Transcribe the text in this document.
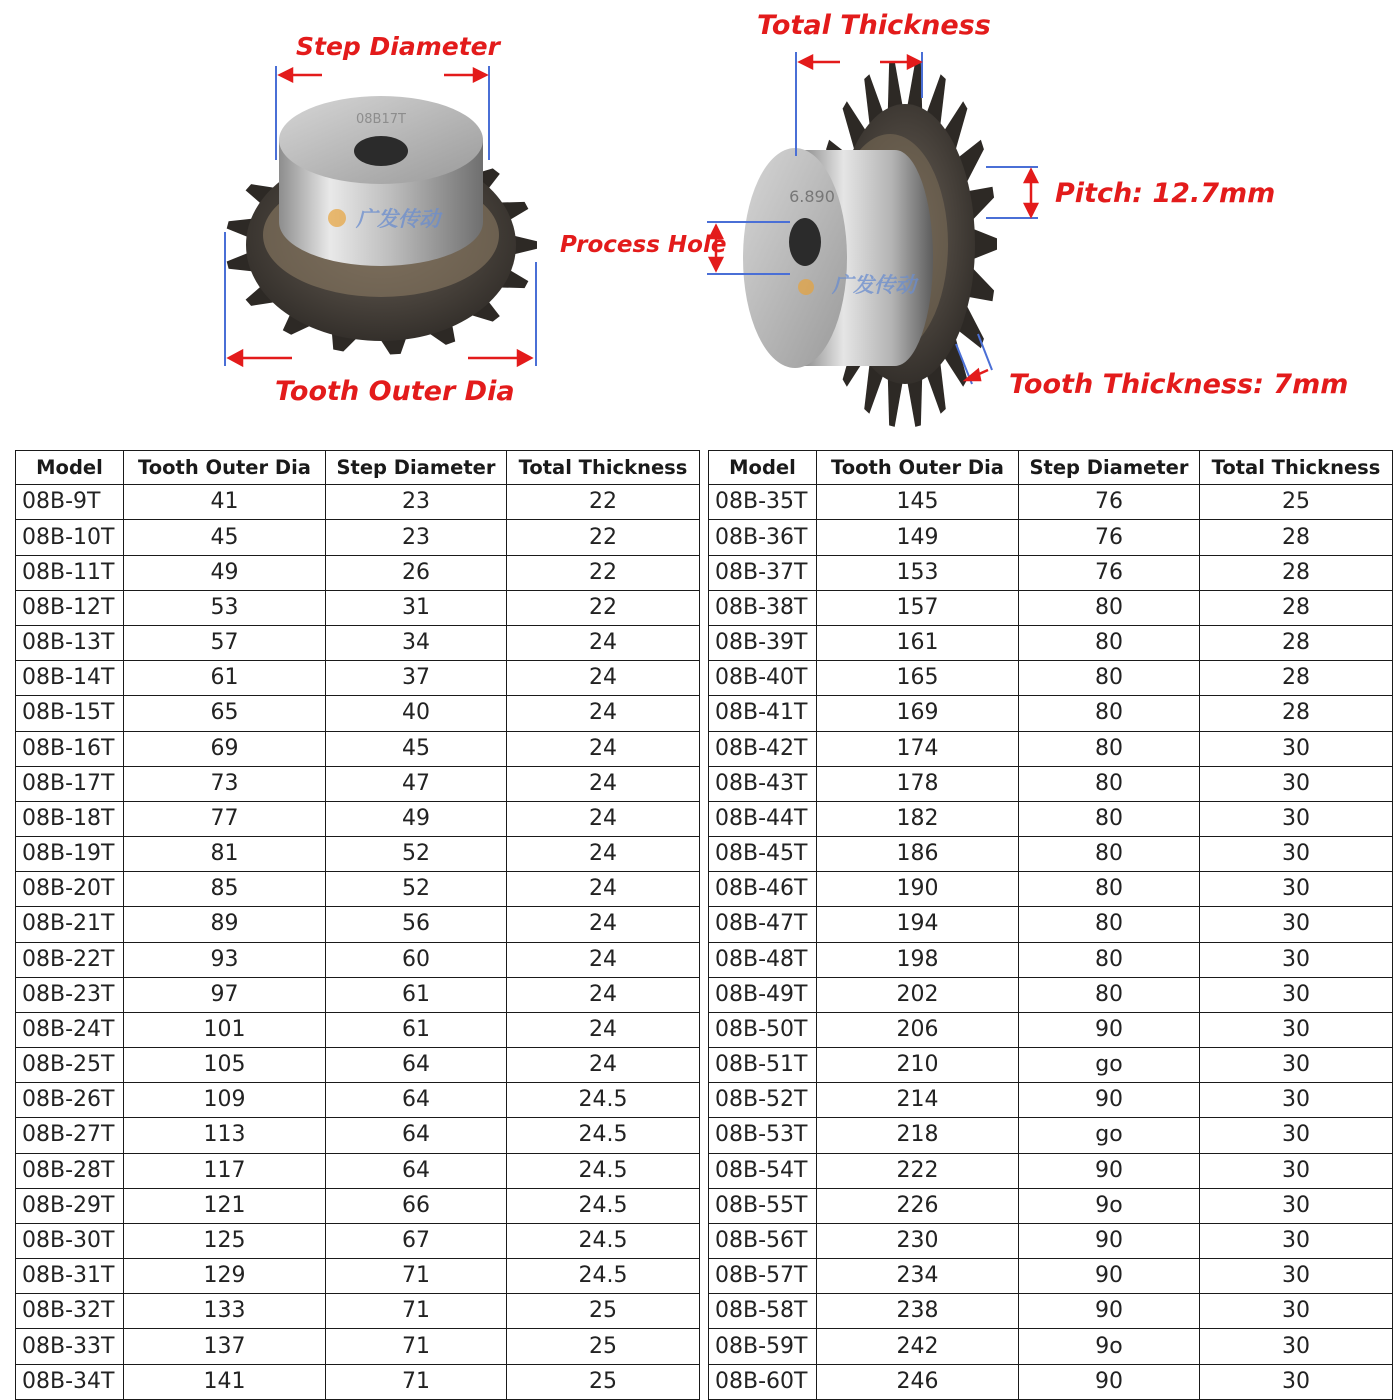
08B17T
广发传动
6.890
广发传动
Step Diameter
Tooth Outer Dia
Total Thickness
Process Hole
Pitch: 12.7mm
Tooth Thickness: 7mm
Model	Tooth Outer Dia	Step Diameter	Total Thickness
08B-9T	41	23	22
08B-10T	45	23	22
08B-11T	49	26	22
08B-12T	53	31	22
08B-13T	57	34	24
08B-14T	61	37	24
08B-15T	65	40	24
08B-16T	69	45	24
08B-17T	73	47	24
08B-18T	77	49	24
08B-19T	81	52	24
08B-20T	85	52	24
08B-21T	89	56	24
08B-22T	93	60	24
08B-23T	97	61	24
08B-24T	101	61	24
08B-25T	105	64	24
08B-26T	109	64	24.5
08B-27T	113	64	24.5
08B-28T	117	64	24.5
08B-29T	121	66	24.5
08B-30T	125	67	24.5
08B-31T	129	71	24.5
08B-32T	133	71	25
08B-33T	137	71	25
08B-34T	141	71	25
Model	Tooth Outer Dia	Step Diameter	Total Thickness
08B-35T	145	76	25
08B-36T	149	76	28
08B-37T	153	76	28
08B-38T	157	80	28
08B-39T	161	80	28
08B-40T	165	80	28
08B-41T	169	80	28
08B-42T	174	80	30
08B-43T	178	80	30
08B-44T	182	80	30
08B-45T	186	80	30
08B-46T	190	80	30
08B-47T	194	80	30
08B-48T	198	80	30
08B-49T	202	80	30
08B-50T	206	90	30
08B-51T	210	go	30
08B-52T	214	90	30
08B-53T	218	go	30
08B-54T	222	90	30
08B-55T	226	9o	30
08B-56T	230	90	30
08B-57T	234	90	30
08B-58T	238	90	30
08B-59T	242	9o	30
08B-60T	246	90	30
